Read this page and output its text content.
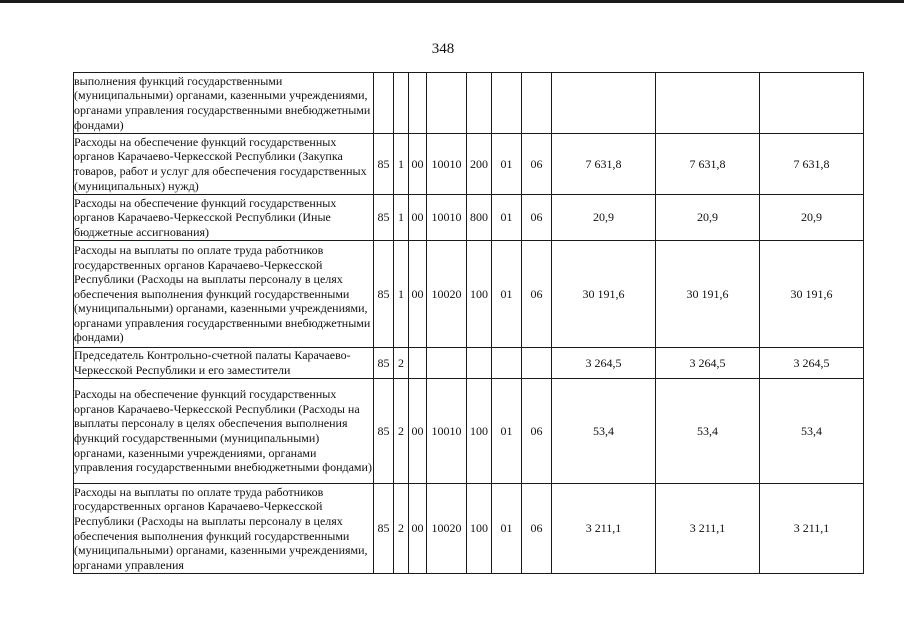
348
выполнения функций государственными (муниципальными) органами, казенными учреждениями, органами управления государственными внебюджетными фондами)										
Расходы на обеспечение функций государственных органов Карачаево-Черкесской Республики (Закупка товаров, работ и услуг для обеспечения государственных (муниципальных) нужд)	85	1	00	10010	200	01	06	7 631,8	7 631,8	7 631,8
Расходы на обеспечение функций государственных органов Карачаево-Черкесской Республики (Иные бюджетные ассигнования)	85	1	00	10010	800	01	06	20,9	20,9	20,9
Расходы на выплаты по оплате труда работников государственных органов Карачаево-Черкесской Республики (Расходы на выплаты персоналу в целях обеспечения выполнения функций государственными (муниципальными) органами, казенными учреждениями, органами управления государственными внебюджетными фондами)	85	1	00	10020	100	01	06	30 191,6	30 191,6	30 191,6
Председатель Контрольно-счетной палаты Карачаево-Черкесской Республики и его заместители	85	2						3 264,5	3 264,5	3 264,5
Расходы на обеспечение функций государственных органов Карачаево-Черкесской Республики (Расходы на выплаты персоналу в целях обеспечения выполнения функций государственными (муниципальными) органами, казенными учреждениями, органами управления государственными внебюджетными фондами)	85	2	00	10010	100	01	06	53,4	53,4	53,4
Расходы на выплаты по оплате труда работников государственных органов Карачаево-Черкесской Республики (Расходы на выплаты персоналу в целях обеспечения выполнения функций государственными (муниципальными) органами, казенными учреждениями, органами управления	85	2	00	10020	100	01	06	3 211,1	3 211,1	3 211,1
